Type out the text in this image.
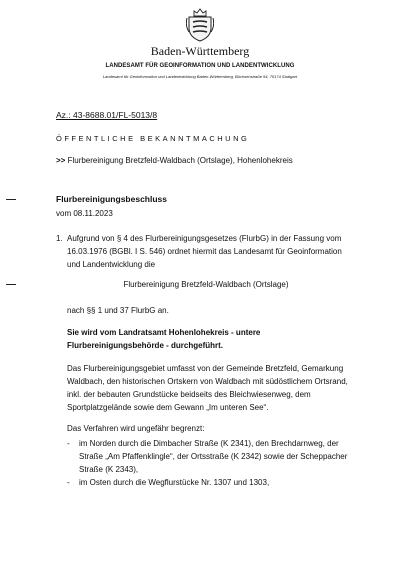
Baden-Württemberg
LANDESAMT FÜR GEOINFORMATION UND LANDENTWICKLUNG
Landesamt für Geoinformation und Landentwicklung Baden-Württemberg, Büchsenstraße 54, 70174 Stuttgart
Az.: 43-8688.01/FL-5013/8
ÖFFENTLICHE BEKANNTMACHUNG
>> Flurbereinigung Bretzfeld-Waldbach (Ortslage), Hohenlohekreis
Flurbereinigungsbeschluss
vom 08.11.2023
1. Aufgrund von § 4 des Flurbereinigungsgesetzes (FlurbG) in der Fassung vom 16.03.1976 (BGBl. I S. 546) ordnet hiermit das Landesamt für Geoinformation und Landentwicklung die
Flurbereinigung Bretzfeld-Waldbach (Ortslage)
nach §§ 1 und 37 FlurbG an.
Sie wird vom Landratsamt Hohenlohekreis - untere Flurbereinigungsbehörde - durchgeführt.
Das Flurbereinigungsgebiet umfasst von der Gemeinde Bretzfeld, Gemarkung Waldbach, den historischen Ortskern von Waldbach mit südöstlichem Ortsrand, inkl. der bebauten Grundstücke beidseits des Bleichwiesenweg, dem Sportplatzgelände sowie dem Gewann „Im unteren See“.
Das Verfahren wird ungefähr begrenzt:
- im Norden durch die Dimbacher Straße (K 2341), den Brechdarnweg, der Straße „Am Pfaffenklingle“, der Ortsstraße (K 2342) sowie der Scheppacher Straße (K 2343),
- im Osten durch die Wegflurstücke Nr. 1307 und 1303,
